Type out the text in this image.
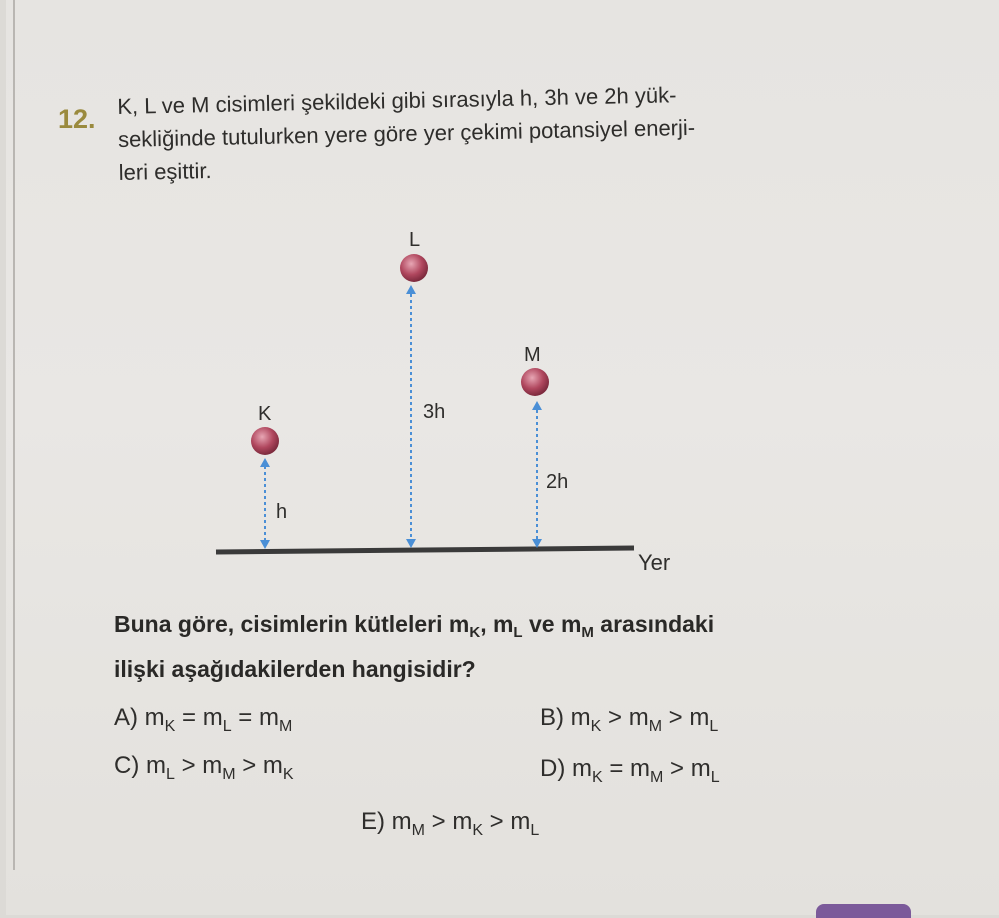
12.
K, L ve M cisimleri şekildeki gibi sırasıyla h, 3h ve 2h yük-
sekliğinde tutulurken yere göre yer çekimi potansiyel enerji-
leri eşittir.
Yer
K
h
L
3h
M
2h
Buna göre, cisimlerin kütleleri $m_K$, $m_L$ ve $m_M$ arasındaki
ilişki aşağıdakilerden hangisidir?
A) $m_K = m_L = m_M$	B) $m_K > m_M > m_L$
C) $m_L > m_M > m_K$	D) $m_K = m_M > m_L$
E) $m_M > m_K > m_L$
